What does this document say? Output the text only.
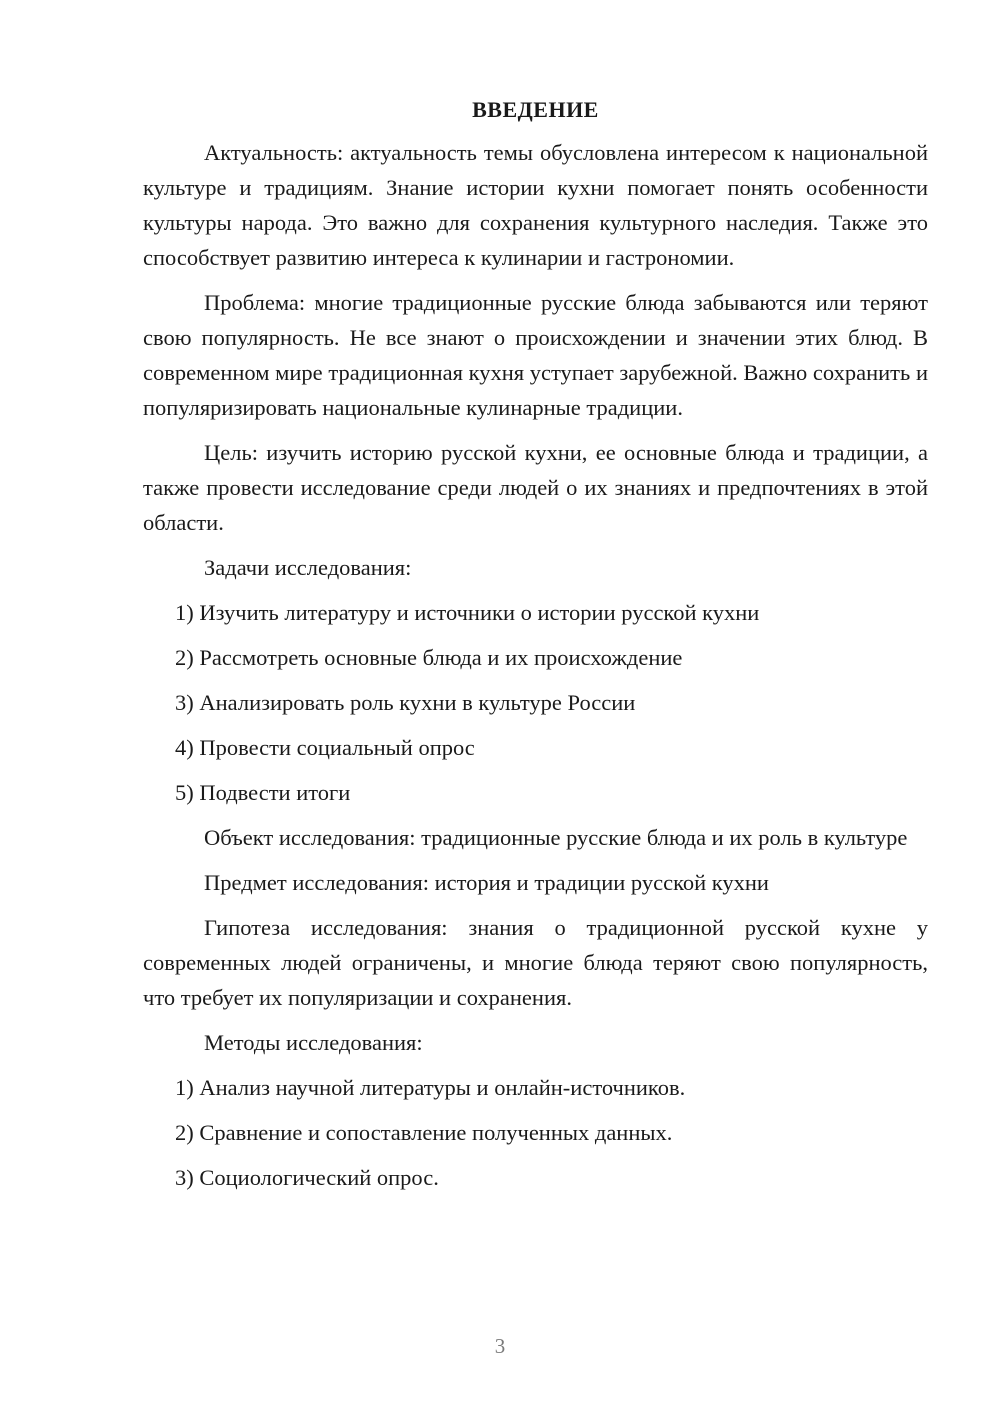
ВВЕДЕНИЕ

Актуальность: актуальность темы обусловлена интересом к национальной культуре и традициям. Знание истории кухни помогает понять особенности культуры народа. Это важно для сохранения культурного наследия. Также это способствует развитию интереса к кулинарии и гастрономии.

Проблема: многие традиционные русские блюда забываются или теряют свою популярность. Не все знают о происхождении и значении этих блюд. В современном мире традиционная кухня уступает зарубежной. Важно сохранить и популяризировать национальные кулинарные традиции.

Цель: изучить историю русской кухни, ее основные блюда и традиции, а также провести исследование среди людей о их знаниях и предпочтениях в этой области.

Задачи исследования:
1) Изучить литературу и источники о истории русской кухни
2) Рассмотреть основные блюда и их происхождение
3) Анализировать роль кухни в культуре России
4) Провести социальный опрос
5) Подвести итоги

Объект исследования: традиционные русские блюда и их роль в культуре

Предмет исследования: история и традиции русской кухни

Гипотеза исследования: знания о традиционной русской кухне у современных людей ограничены, и многие блюда теряют свою популярность, что требует их популяризации и сохранения.

Методы исследования:
1) Анализ научной литературы и онлайн-источников.
2) Сравнение и сопоставление полученных данных.
3) Социологический опрос.
3
